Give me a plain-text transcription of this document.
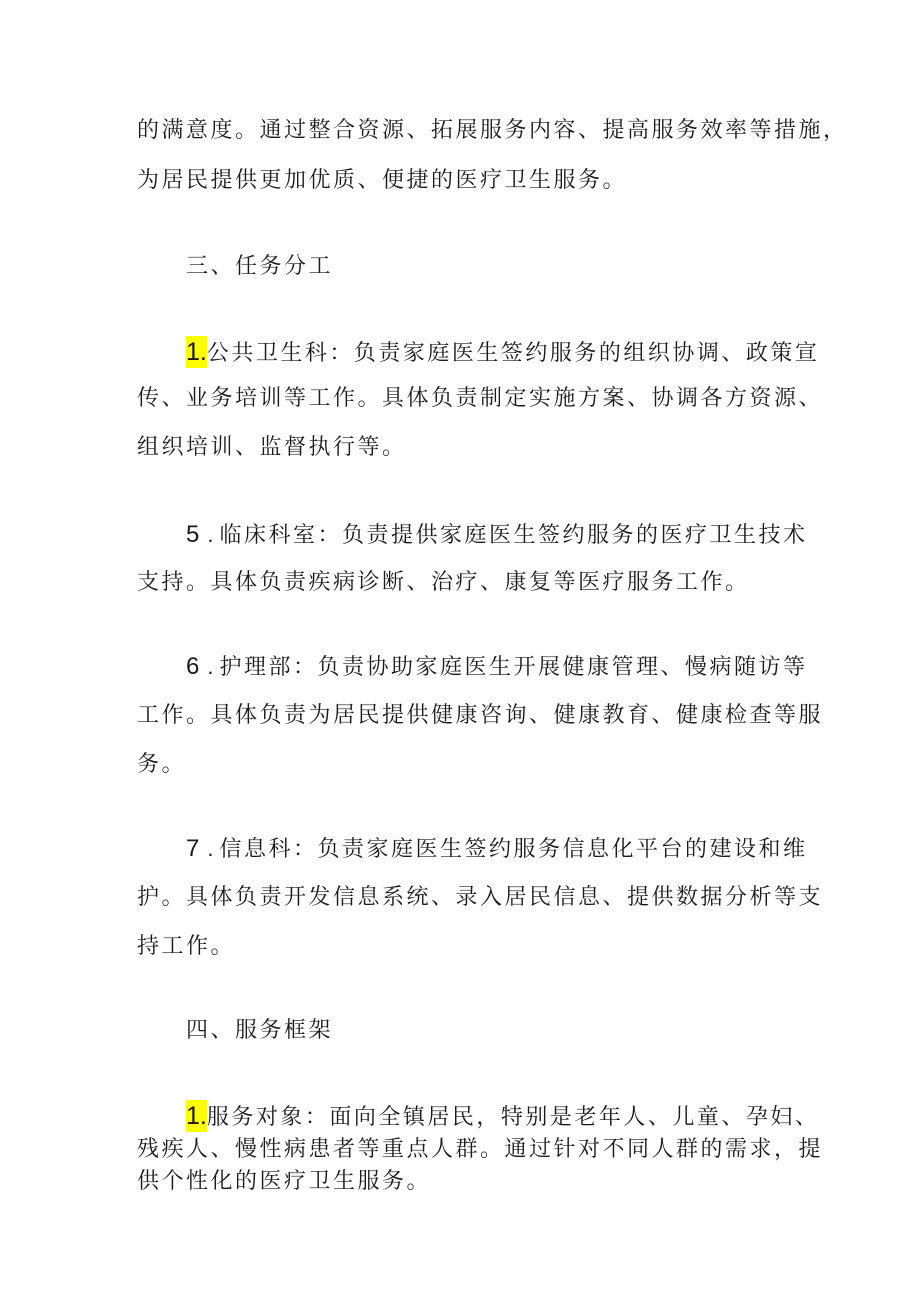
的满意度。通过整合资源、拓展服务内容、提高服务效率等措施，
为居民提供更加优质、便捷的医疗卫生服务。
三、任务分工
1.公共卫生科：负责家庭医生签约服务的组织协调、政策宣
传、业务培训等工作。具体负责制定实施方案、协调各方资源、
组织培训、监督执行等。
5 . 临床科室：负责提供家庭医生签约服务的医疗卫生技术
支持。具体负责疾病诊断、治疗、康复等医疗服务工作。
6 . 护理部：负责协助家庭医生开展健康管理、慢病随访等
工作。具体负责为居民提供健康咨询、健康教育、健康检查等服
务。
7 . 信息科：负责家庭医生签约服务信息化平台的建设和维
护。具体负责开发信息系统、录入居民信息、提供数据分析等支
持工作。
四、服务框架
1.服务对象：面向全镇居民，特别是老年人、儿童、孕妇、
残疾人、慢性病患者等重点人群。通过针对不同人群的需求，提
供个性化的医疗卫生服务。
